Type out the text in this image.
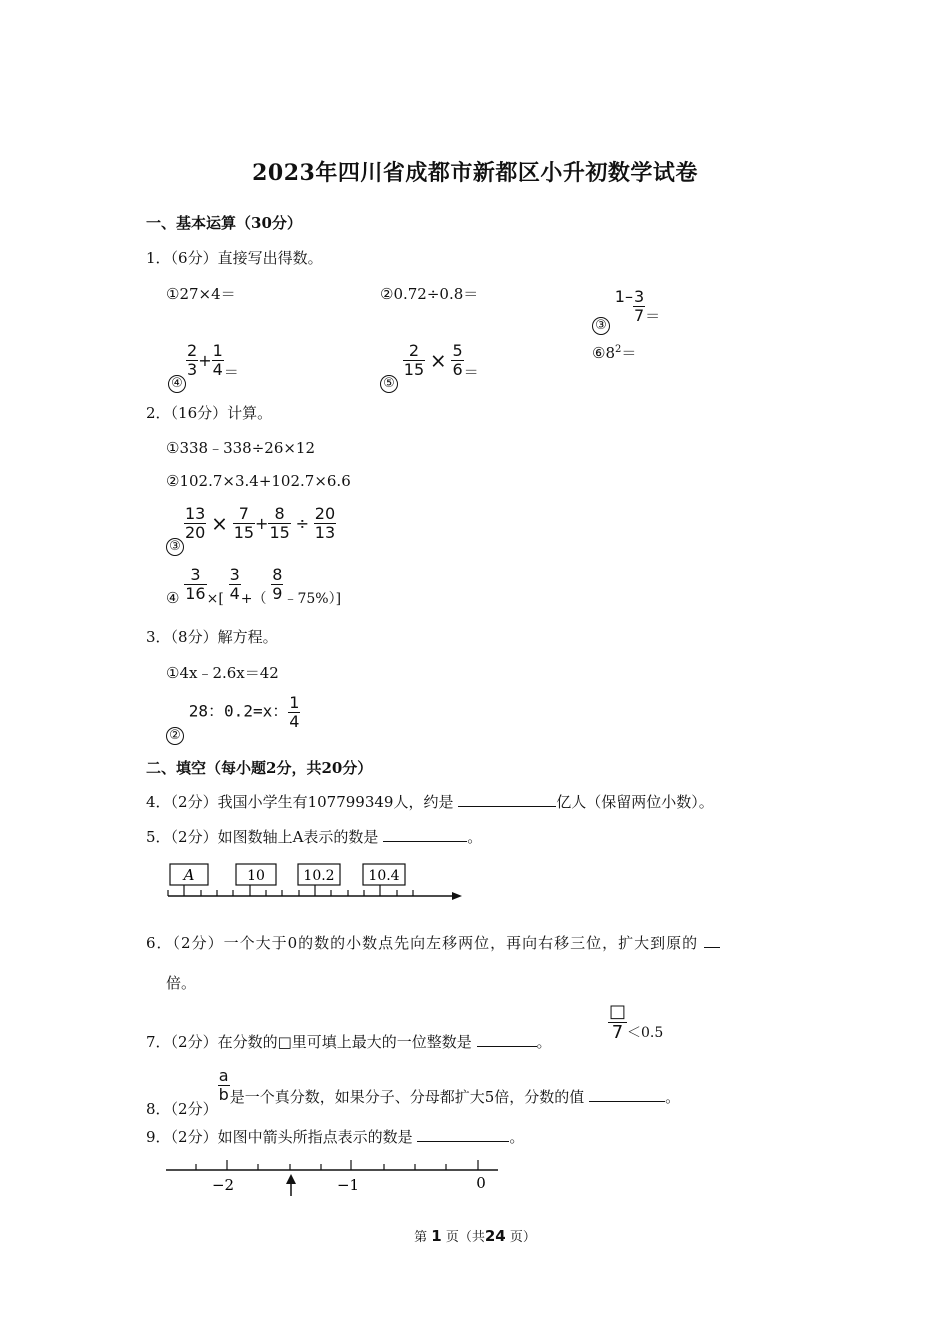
2023年四川省成都市新都区小升初数学试卷
一、基本运算（30分）
1．（6分）直接写出得数。
①27×4＝	②0.72÷0.8＝
③ $1- \frac{3}{7}$ ＝
④
$\frac{2}{3} + \frac{1}{4}$ ＝
⑤
$\frac{2}{15} \times \frac{5}{6}$ ＝
$⑥8^2=$
2．（16分）计算。
①338﹣338÷26×12
②102.7×3.4+102.7×6.6
③
$\frac{13}{20} \times \frac{7}{15} + \frac{8}{15} \div \frac{20}{13}$
④ $\frac{3}{16}$ ×[ $\frac{3}{4}$ +（ $\frac{8}{9}$ ﹣75%）]
3．（8分）解方程。
①4x﹣2.6x＝42
② 28：0.2=x： $\frac{1}{4}$
二、填空（每小题2分，共20分）
4．（2分）我国小学生有107799349人，约是	亿人（保留两位小数）。
5．（2分）如图数轴上A表示的数是	。
A	10	10.2 10.4
6．（2分）一个大于0的数的小数点先向左移两位，再向右移三位，扩大到原的
倍。
7．（2分）在分数的□里可填上最大的一位整数是	。	$\frac{□}{7} <0.5$
8．（2分）
$\frac{a}{b}$ 是一个真分数，如果分子、分母都扩大5倍，分数的值	。
9．（2分）如图中箭头所指点表示的数是	。
−2	−1	0
第 1 页（共24 页）
